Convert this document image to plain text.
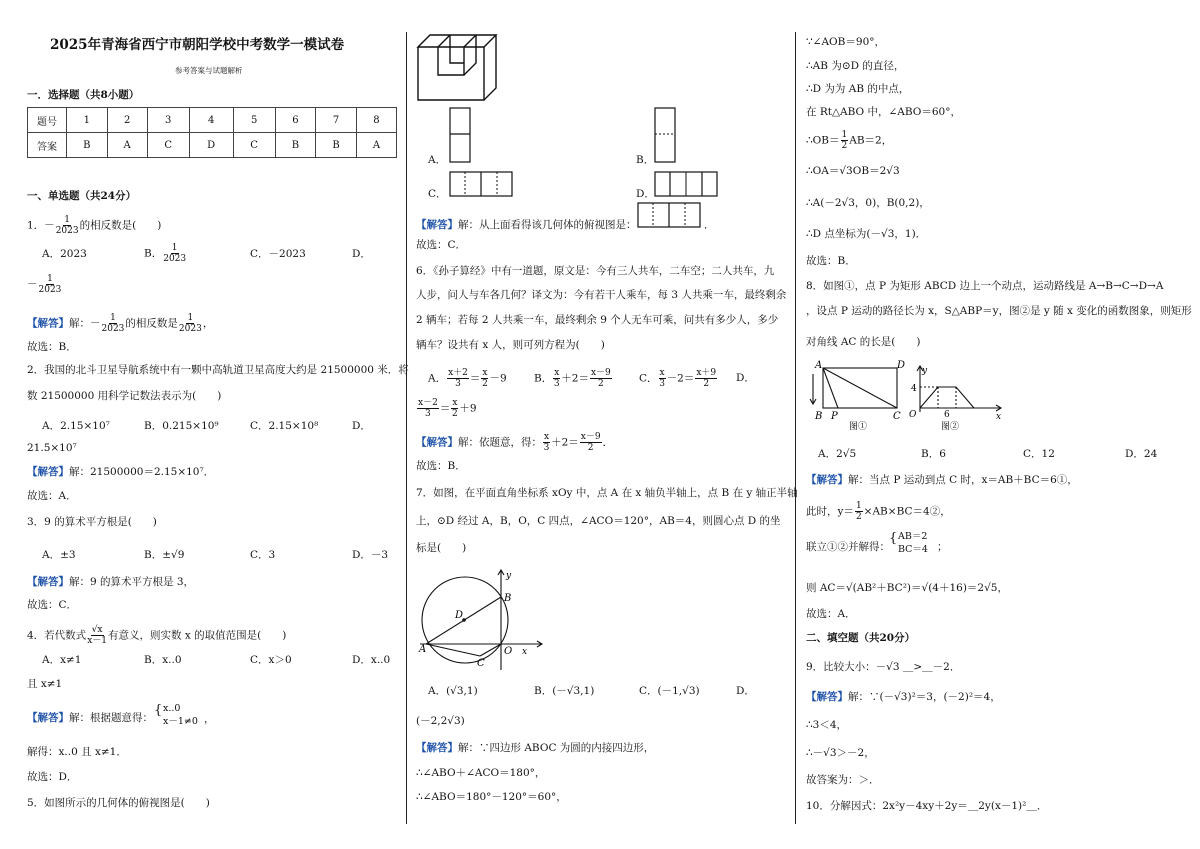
2025年青海省西宁市朝阳学校中考数学一模试卷
参考答案与试题解析
一．选择题（共8小题）
题号	1	2	3	4	5	6	7	8
答案	B	A	C	D	C	B	B	A
一、单选题（共24分）
1．－ $\frac{1}{2023}$ 的相反数是(　　)
A．2023	B． $\frac{1}{2023}$	C．－2023	D．
－ $\frac{1}{2023}$
【解答】解：－ $\frac{1}{2023}$ 的相反数是 $\frac{1}{2023}$ ，
故选：B．
2．我国的北斗卫星导航系统中有一颗中高轨道卫星高度大约是 21500000 米．将
数 21500000 用科学记数法表示为(　　)
A．2.15×10⁷	B．0.215×10⁹	C．2.15×10⁸	D．
21.5×10⁷
【解答】解：21500000＝2.15×10⁷．
故选：A．
3．9 的算术平方根是(　　)
A．±3	B．±√9	C．3	D．－3
【解答】解：9 的算术平方根是 3，
故选：C．
4．若代数式 $\frac{√x}{x-1}$ 有意义，则实数 x 的取值范围是(　　)
A．x≠1	B．x..0	C．x＞0	D．x..0
且 x≠1
【解答】解：根据题意得： { x..0
x－1≠0 ，
解得：x..0 且 x≠1．
故选：D．
5．如图所示的几何体的俯视图是(　　)
A．	B．
C．	D．
【解答】解：从上面看得该几何体的俯视图是：	．
故选：C．
6．《孙子算经》中有一道题，原文是：今有三人共车，二车空；二人共车，九
人步，问人与车各几何？译文为：今有若干人乘车，每 3 人共乘一车，最终剩余
2 辆车；若每 2 人共乘一车，最终剩余 9 个人无车可乘，问共有多少人，多少
辆车？设共有 x 人，则可列方程为(　　)
A． $\frac{x+2}{3} = \frac{x}{2} -9$	B． $\frac{x}{3} +2= \frac{x-9}{2}$	C． $\frac{x}{3} -2= \frac{x+9}{2}$ D．
$\frac{x-2}{3} = \frac{x}{2} +9$
【解答】解：依题意，得： $\frac{x}{3} +2= \frac{x-9}{2}$ ．
故选：B．
7．如图，在平面直角坐标系 xOy 中，点 A 在 x 轴负半轴上，点 B 在 y 轴正半轴
上，⊙D 经过 A，B，O，C 四点，∠ACO＝120°，AB＝4，则圆心点 D 的坐
标是(　　)
A
B
C
D
O x
y
A．(√3,1)	B．(－√3,1)	C．(－1,√3)	D．
(－2,2√3)
【解答】解：∵四边形 ABOC 为圆的内接四边形，
∴∠ABO＋∠ACO＝180°，
∴∠ABO＝180°－120°＝60°，
∵∠AOB＝90°，
∴AB 为⊙D 的直径，
∴D 为为 AB 的中点，
在 Rt△ABO 中，∠ABO＝60°，
∴OB＝ $\frac{1}{2} AB=2$，
∴OA＝√3OB＝2√3
∴A(－2√3，0)，B(0,2)，
∴D 点坐标为(－√3，1)．
故选：B．
8．如图①，点 P 为矩形 ABCD 边上一个动点，运动路线是 A→B→C→D→A
，设点 P 运动的路径长为 x，S△ABP＝y，图②是 y 随 x 变化的函数图象，则矩形
对角线 AC 的长是(　　)
A	D
B P	C
图①
y
4
O	6	x
图②
A．2√5	B．6	C．12	D．24
【解答】解：当点 P 运动到点 C 时，x＝AB＋BC＝6①，
此时，$y= \frac{1}{2}$ ×AB×BC＝4②，
联立①②并解得：
{ AB＝2
BC＝4 ；
则 AC＝√(AB²＋BC²)＝√(4＋16)＝2√5，
故选：A．
二、填空题（共20分）
9．比较大小：－√3 ＿>＿－2．
【解答】解：∵(－√3)²＝3，(－2)²＝4，
∴3＜4，
∴－√3＞－2，
故答案为：＞．
10．分解因式：2x²y－4xy＋2y＝＿2y(x－1)²＿．
